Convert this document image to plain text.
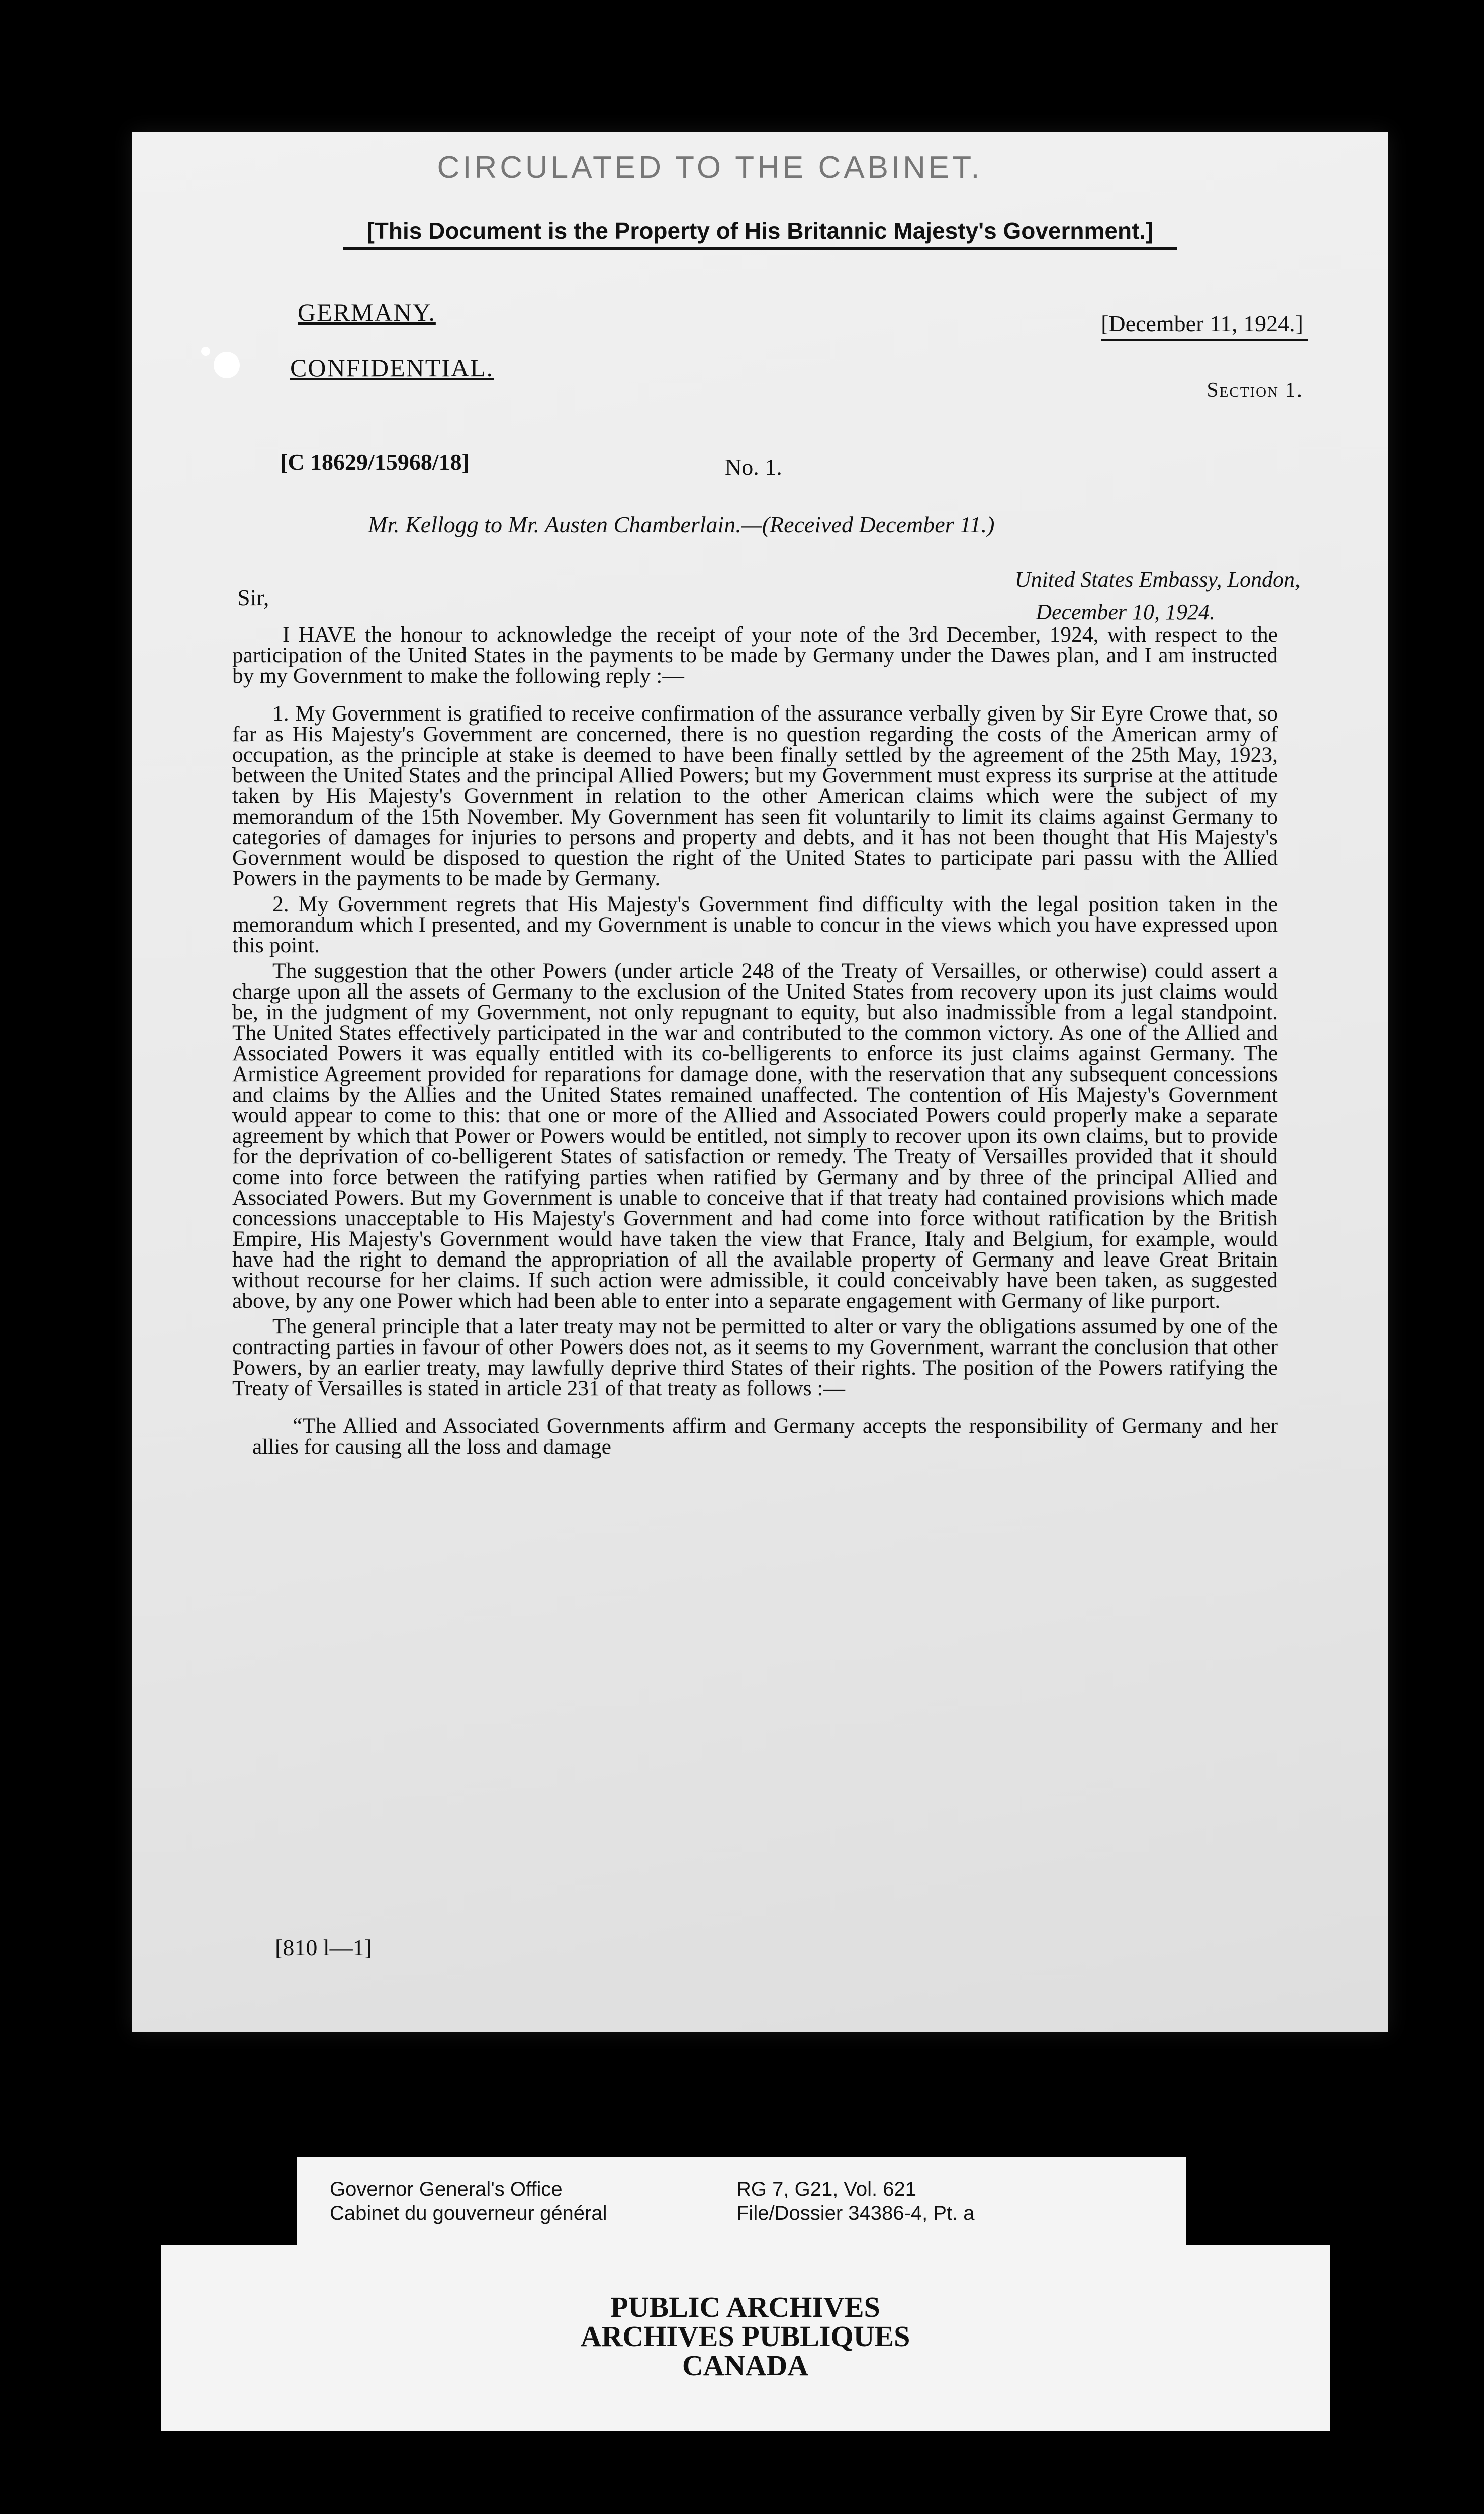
CIRCULATED TO THE CABINET.
[This Document is the Property of His Britannic Majesty's Government.]
GERMANY.
CONFIDENTIAL.
[December 11, 1924.]
Section 1.
[C 18629/15968/18]	No. 1.
Mr. Kellogg to Mr. Austen Chamberlain.—(Received December 11.)
United States Embassy, London,
December 10, 1924.
Sir,

I HAVE the honour to acknowledge the receipt of your note of the 3rd December, 1924, with respect to the participation of the United States in the payments to be made by Germany under the Dawes plan, and I am instructed by my Government to make the following reply :—

1. My Government is gratified to receive confirmation of the assurance verbally given by Sir Eyre Crowe that, so far as His Majesty's Government are concerned, there is no question regarding the costs of the American army of occupation, as the principle at stake is deemed to have been finally settled by the agreement of the 25th May, 1923, between the United States and the principal Allied Powers; but my Government must express its surprise at the attitude taken by His Majesty's Government in relation to the other American claims which were the subject of my memorandum of the 15th November. My Government has seen fit voluntarily to limit its claims against Germany to categories of damages for injuries to persons and property and debts, and it has not been thought that His Majesty's Government would be disposed to question the right of the United States to participate pari passu with the Allied Powers in the payments to be made by Germany.

2. My Government regrets that His Majesty's Government find difficulty with the legal position taken in the memorandum which I presented, and my Government is unable to concur in the views which you have expressed upon this point.

The suggestion that the other Powers (under article 248 of the Treaty of Versailles, or otherwise) could assert a charge upon all the assets of Germany to the exclusion of the United States from recovery upon its just claims would be, in the judgment of my Government, not only repugnant to equity, but also inadmissible from a legal standpoint. The United States effectively participated in the war and contributed to the common victory. As one of the Allied and Associated Powers it was equally entitled with its co-belligerents to enforce its just claims against Germany. The Armistice Agreement provided for reparations for damage done, with the reservation that any subsequent concessions and claims by the Allies and the United States remained unaffected. The contention of His Majesty's Government would appear to come to this: that one or more of the Allied and Associated Powers could properly make a separate agreement by which that Power or Powers would be entitled, not simply to recover upon its own claims, but to provide for the deprivation of co-belligerent States of satisfaction or remedy. The Treaty of Versailles provided that it should come into force between the ratifying parties when ratified by Germany and by three of the principal Allied and Associated Powers. But my Government is unable to conceive that if that treaty had contained provisions which made concessions unacceptable to His Majesty's Government and had come into force without ratification by the British Empire, His Majesty's Government would have taken the view that France, Italy and Belgium, for example, would have had the right to demand the appropriation of all the available property of Germany and leave Great Britain without recourse for her claims. If such action were admissible, it could conceivably have been taken, as suggested above, by any one Power which had been able to enter into a separate engagement with Germany of like purport.

The general principle that a later treaty may not be permitted to alter or vary the obligations assumed by one of the contracting parties in favour of other Powers does not, as it seems to my Government, warrant the conclusion that other Powers, by an earlier treaty, may lawfully deprive third States of their rights. The position of the Powers ratifying the Treaty of Versailles is stated in article 231 of that treaty as follows :—

“The Allied and Associated Governments affirm and Germany accepts the responsibility of Germany and her allies for causing all the loss and damage

[810 l—1]
Governor General's Office
Cabinet du gouverneur général
RG 7, G21, Vol. 621
File/Dossier 34386-4, Pt. a
PUBLIC ARCHIVES
ARCHIVES PUBLIQUES
CANADA
